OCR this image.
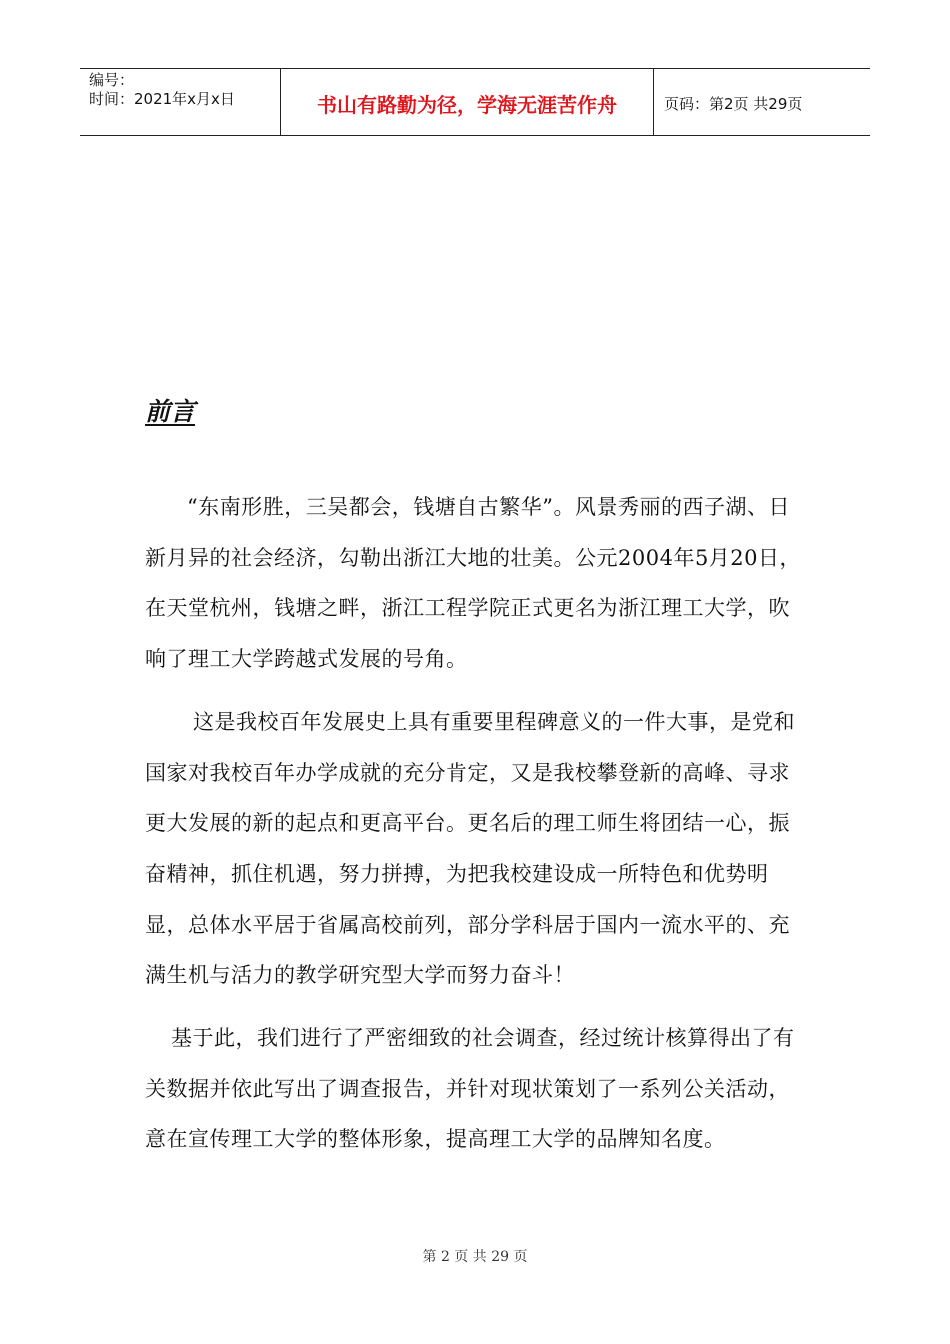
编号：
时间：2021年x月x日	书山有路勤为径，学海无涯苦作舟	页码：第2页 共29页
前言

“东南形胜，三吴都会，钱塘自古繁华”。风景秀丽的西子湖、日新月异的社会经济，勾勒出浙江大地的壮美。公元2004年5月20日，在天堂杭州，钱塘之畔，浙江工程学院正式更名为浙江理工大学，吹响了理工大学跨越式发展的号角。

这是我校百年发展史上具有重要里程碑意义的一件大事，是党和国家对我校百年办学成就的充分肯定，又是我校攀登新的高峰、寻求更大发展的新的起点和更高平台。更名后的理工师生将团结一心，振奋精神，抓住机遇，努力拼搏，为把我校建设成一所特色和优势明显，总体水平居于省属高校前列，部分学科居于国内一流水平的、充满生机与活力的教学研究型大学而努力奋斗！

基于此，我们进行了严密细致的社会调查，经过统计核算得出了有关数据并依此写出了调查报告，并针对现状策划了一系列公关活动，意在宣传理工大学的整体形象，提高理工大学的品牌知名度。

第 2 页 共 29 页
